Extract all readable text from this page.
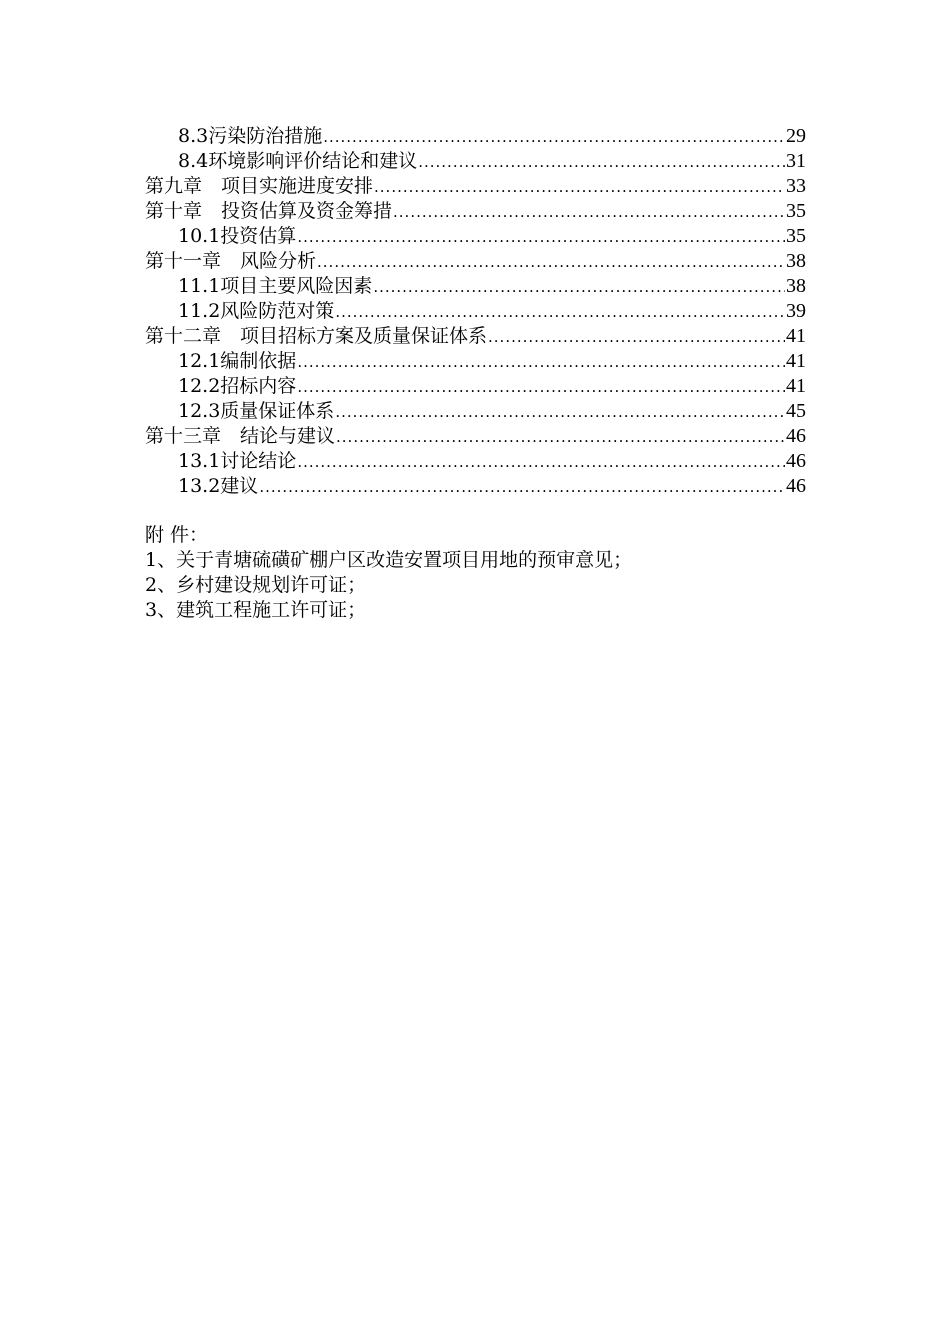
8.3污染防治措施 .....	29
8.4环境影响评价结论和建议 .....	31
第九章　项目实施进度安排 .....	33
第十章　投资估算及资金筹措 .....	35
10.1投资估算 .....	35
第十一章　风险分析 .....	38
11.1项目主要风险因素 .....	38
11.2风险防范对策 .....	39
第十二章　项目招标方案及质量保证体系 .....	41
12.1编制依据 .....	41
12.2招标内容 .....	41
12.3质量保证体系 .....	45
第十三章　结论与建议 .....	46
13.1讨论结论 .....	46
13.2建议 .....	46
附 件：
1、关于青塘硫磺矿棚户区改造安置项目用地的预审意见；
2、乡村建设规划许可证；
3、建筑工程施工许可证；
